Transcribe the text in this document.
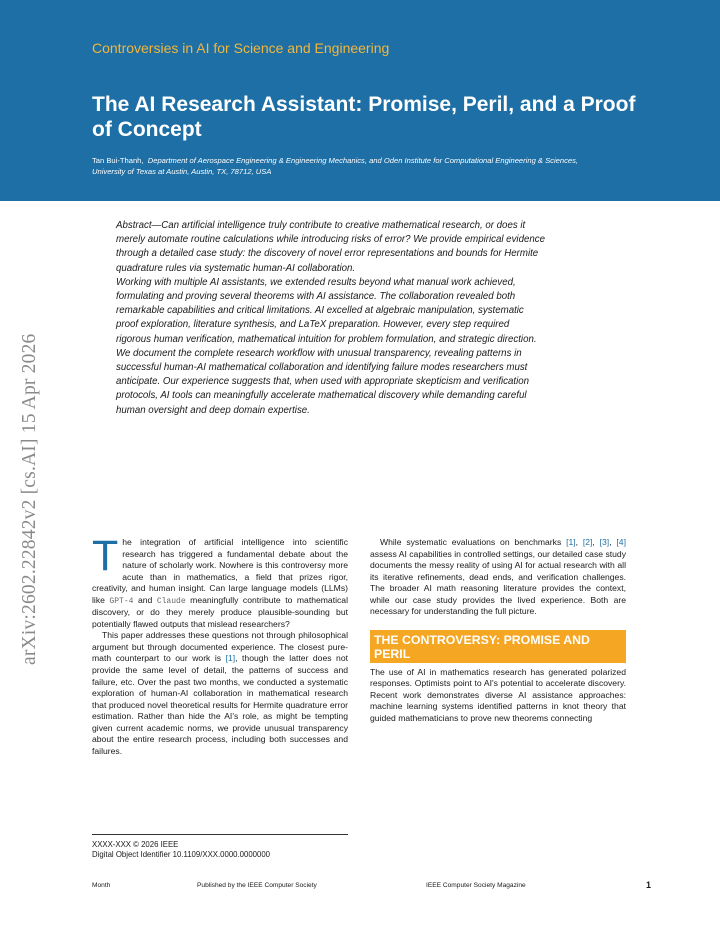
Controversies in AI for Science and Engineering
The AI Research Assistant: Promise, Peril, and a Proof of Concept
Tan Bui-Thanh, Department of Aerospace Engineering & Engineering Mechanics, and Oden Institute for Computational Engineering & Sciences, University of Texas at Austin, Austin, TX, 78712, USA
arXiv:2602.22842v2 [cs.AI] 15 Apr 2026

Abstract—Can artificial intelligence truly contribute to creative mathematical research, or does it merely automate routine calculations while introducing risks of error? We provide empirical evidence through a detailed case study: the discovery of novel error representations and bounds for Hermite quadrature rules via systematic human-AI collaboration.

Working with multiple AI assistants, we extended results beyond what manual work achieved, formulating and proving several theorems with AI assistance. The collaboration revealed both remarkable capabilities and critical limitations. AI excelled at algebraic manipulation, systematic proof exploration, literature synthesis, and LaTeX preparation. However, every step required rigorous human verification, mathematical intuition for problem formulation, and strategic direction. We document the complete research workflow with unusual transparency, revealing patterns in successful human-AI mathematical collaboration and identifying failure modes researchers must anticipate. Our experience suggests that, when used with appropriate skepticism and verification protocols, AI tools can meaningfully accelerate mathematical discovery while demanding careful human oversight and deep domain expertise.

The integration of artificial intelligence into scientific research has triggered a fundamental debate about the nature of scholarly work. Nowhere is this controversy more acute than in mathematics, a field that prizes rigor, creativity, and human insight. Can large language models (LLMs) like GPT-4 and Claude meaningfully contribute to mathematical discovery, or do they merely produce plausible-sounding but potentially flawed outputs that mislead researchers?

This paper addresses these questions not through philosophical argument but through documented experience. The closest pure-math counterpart to our work is [1], though the latter does not provide the same level of detail, the patterns of success and failure, etc. Over the past two months, we conducted a systematic exploration of human-AI collaboration in mathematical research that produced novel theoretical results for Hermite quadrature error estimation. Rather than hide the AI's role, as might be tempting given current academic norms, we provide unusual transparency about the entire research process, including both successes and failures.

While systematic evaluations on benchmarks [1], [2], [3], [4] assess AI capabilities in controlled settings, our detailed case study documents the messy reality of using AI for actual research with all its iterative refinements, dead ends, and verification challenges. The broader AI math reasoning literature provides the context, while our case study provides the lived experience. Both are necessary for understanding the full picture.

THE CONTROVERSY: PROMISE AND PERIL

The use of AI in mathematics research has generated polarized responses. Optimists point to AI's potential to accelerate discovery. Recent work demonstrates diverse AI assistance approaches: machine learning systems identified patterns in knot theory that guided mathematicians to prove new theorems connecting

XXXX-XXX © 2026 IEEE
Digital Object Identifier 10.1109/XXX.0000.0000000
Month	Published by the IEEE Computer Society	IEEE Computer Society Magazine	1
